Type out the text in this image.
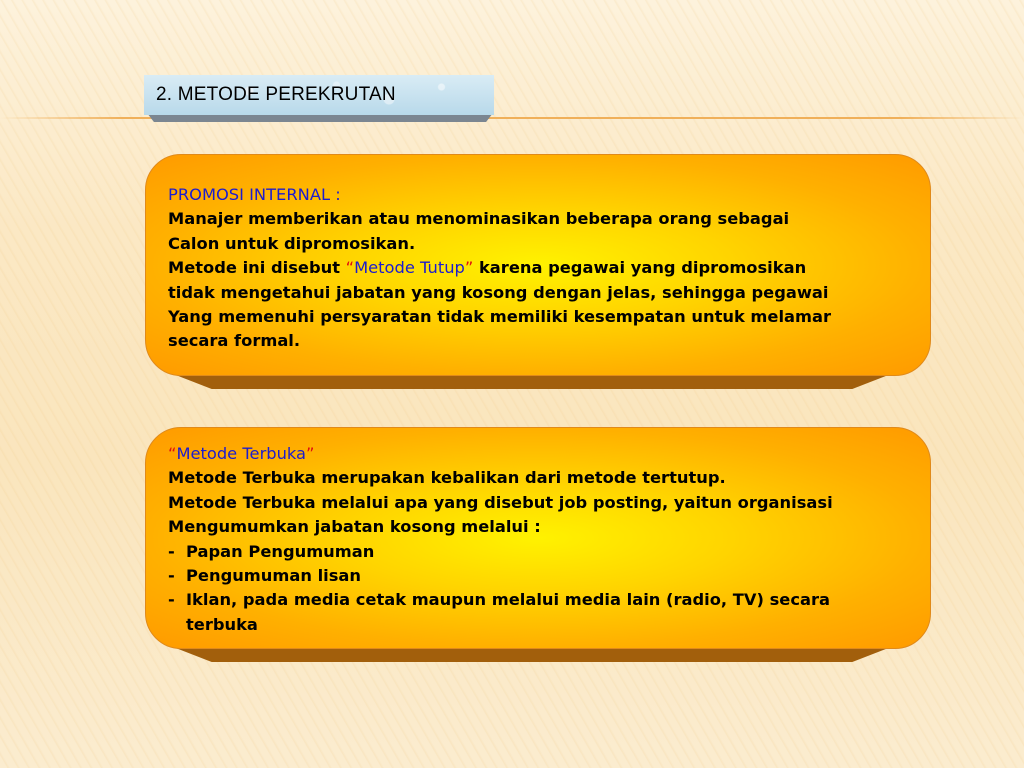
2. METODE PEREKRUTAN

PROMOSI INTERNAL :

Manajer memberikan atau menominasikan beberapa orang sebagai

Calon untuk dipromosikan.

Metode ini disebut “Metode Tutup” karena pegawai yang dipromosikan

tidak mengetahui jabatan yang kosong dengan jelas, sehingga pegawai

Yang memenuhi persyaratan tidak memiliki kesempatan untuk melamar

secara formal.

“Metode Terbuka”

Metode Terbuka merupakan kebalikan dari metode tertutup.

Metode Terbuka melalui apa yang disebut job posting, yaitun organisasi

Mengumumkan jabatan kosong melalui :

- Papan Pengumuman
- Pengumuman lisan
- Iklan, pada media cetak maupun melalui media lain (radio, TV) secara

terbuka
